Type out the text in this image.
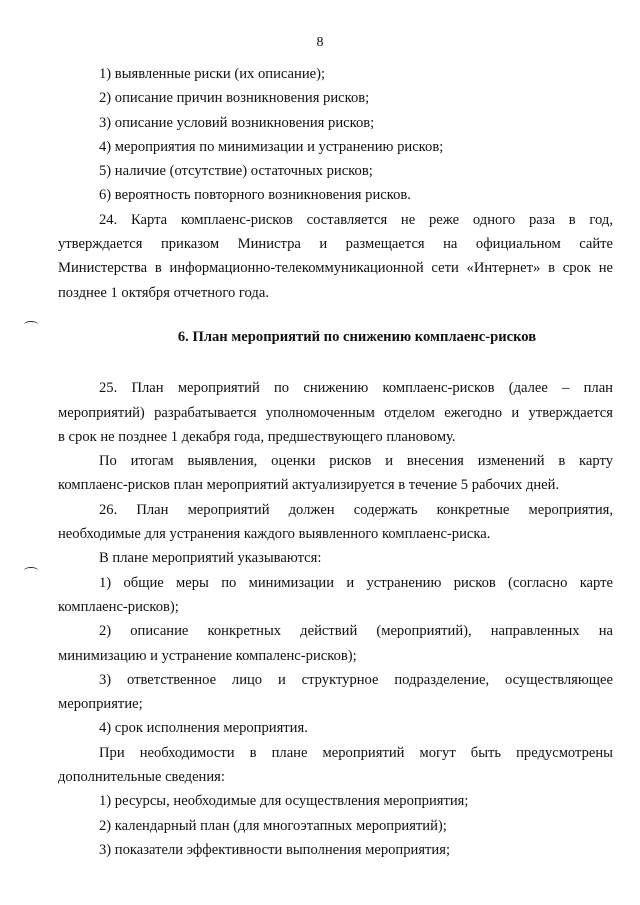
8

1) выявленные риски (их описание);

2) описание причин возникновения рисков;

3) описание условий возникновения рисков;

4) мероприятия по минимизации и устранению рисков;

5) наличие (отсутствие) остаточных рисков;

6) вероятность повторного возникновения рисков.

24. Карта комплаенс-рисков составляется не реже одного раза в год,

утверждается приказом Министра и размещается на официальном сайте

Министерства в информационно-телекоммуникационной сети «Интернет» в срок не

позднее 1 октября отчетного года.

6. План мероприятий по снижению комплаенс-рисков

25. План мероприятий по снижению комплаенс-рисков (далее – план

мероприятий) разрабатывается уполномоченным отделом ежегодно и утверждается

в срок не позднее 1 декабря года, предшествующего плановому.

По итогам выявления, оценки рисков и внесения изменений в карту

комплаенс-рисков план мероприятий актуализируется в течение 5 рабочих дней.

26. План мероприятий должен содержать конкретные мероприятия,

необходимые для устранения каждого выявленного комплаенс-риска.

В плане мероприятий указываются:

1) общие меры по минимизации и устранению рисков (согласно карте

комплаенс-рисков);

2) описание конкретных действий (мероприятий), направленных на

минимизацию и устранение компаленс-рисков);

3) ответственное лицо и структурное подразделение, осуществляющее

мероприятие;

4) срок исполнения мероприятия.

При необходимости в плане мероприятий могут быть предусмотрены

дополнительные сведения:

1) ресурсы, необходимые для осуществления мероприятия;

2) календарный план (для многоэтапных мероприятий);

3) показатели эффективности выполнения мероприятия;
